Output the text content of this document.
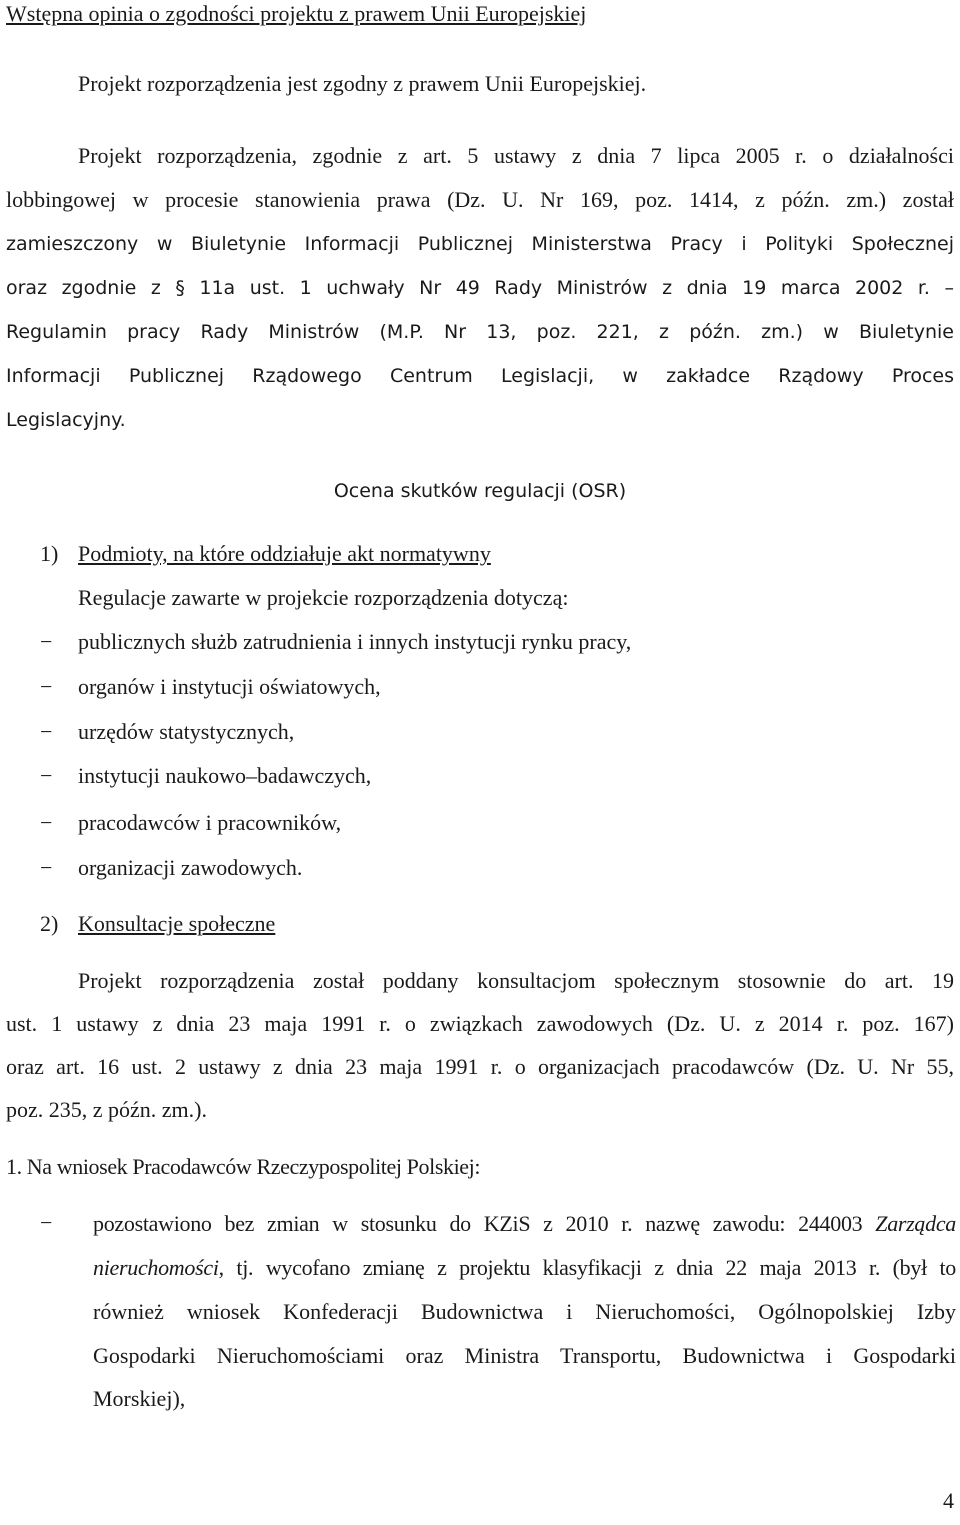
Wstępna opinia o zgodności projektu z prawem Unii Europejskiej
Projekt rozporządzenia jest zgodny z prawem Unii Europejskiej.
Projekt rozporządzenia, zgodnie z art. 5 ustawy z dnia 7 lipca 2005 r. o działalności
lobbingowej w procesie stanowienia prawa (Dz. U. Nr 169, poz. 1414, z późn. zm.) został
zamieszczony w Biuletynie Informacji Publicznej Ministerstwa Pracy i Polityki Społecznej
oraz zgodnie z § 11a ust. 1 uchwały Nr 49 Rady Ministrów z dnia 19 marca 2002 r. –
Regulamin pracy Rady Ministrów (M.P. Nr 13, poz. 221, z późn. zm.) w Biuletynie
Informacji Publicznej Rządowego Centrum Legislacji, w zakładce Rządowy Proces
Legislacyjny.
Ocena skutków regulacji (OSR)
1) Podmioty, na które oddziałuje akt normatywny
Regulacje zawarte w projekcie rozporządzenia dotyczą:
− publicznych służb zatrudnienia i innych instytucji rynku pracy,
− organów i instytucji oświatowych,
− urzędów statystycznych,
− instytucji naukowo–badawczych,
− pracodawców i pracowników,
− organizacji zawodowych.
2) Konsultacje społeczne
Projekt rozporządzenia został poddany konsultacjom społecznym stosownie do art. 19
ust. 1 ustawy z dnia 23 maja 1991 r. o związkach zawodowych (Dz. U. z 2014 r. poz. 167)
oraz art. 16 ust. 2 ustawy z dnia 23 maja 1991 r. o organizacjach pracodawców (Dz. U. Nr 55,
poz. 235, z późn. zm.).
1. Na wniosek Pracodawców Rzeczypospolitej Polskiej:
− pozostawiono bez zmian w stosunku do KZiS z 2010 r. nazwę zawodu: 244003 Zarządca
nieruchomości, tj. wycofano zmianę z projektu klasyfikacji z dnia 22 maja 2013 r. (był to
również wniosek Konfederacji Budownictwa i Nieruchomości, Ogólnopolskiej Izby
Gospodarki Nieruchomościami oraz Ministra Transportu, Budownictwa i Gospodarki
Morskiej),
4
